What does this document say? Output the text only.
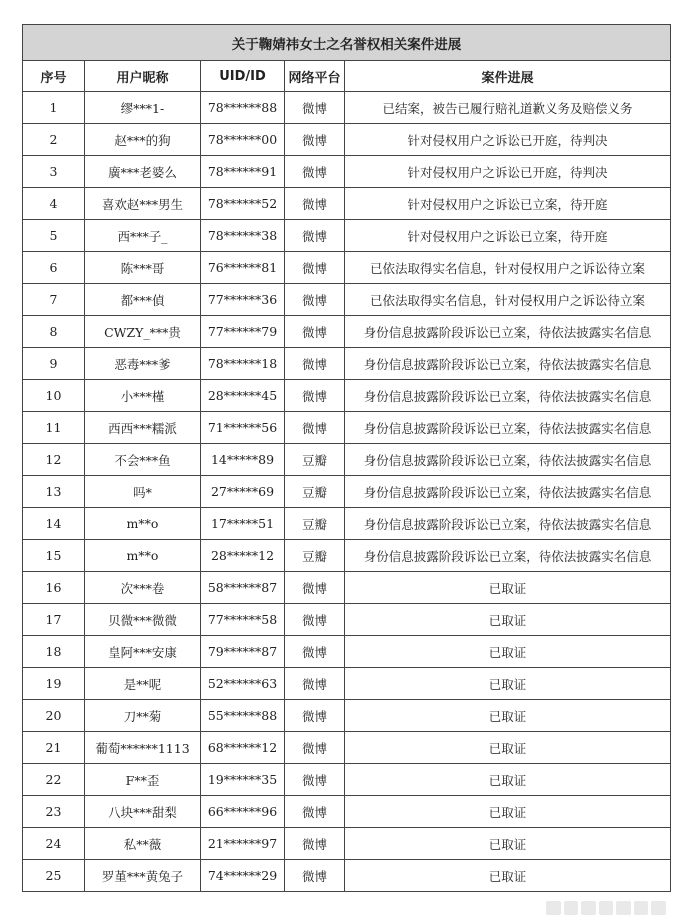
关于鞠婧祎女士之名誉权相关案件进展				
序号	用户昵称	UID/ID	网络平台	案件进展
1	缪***1-	78******88	微博	已结案，被告已履行赔礼道歉义务及赔偿义务
2	赵***的狗	78******00	微博	针对侵权用户之诉讼已开庭，待判决
3	廣***老婆么	78******91	微博	针对侵权用户之诉讼已开庭，待判决
4	喜欢赵***男生	78******52	微博	针对侵权用户之诉讼已立案，待开庭
5	西***子_	78******38	微博	针对侵权用户之诉讼已立案，待开庭
6	陈***哥	76******81	微博	已依法取得实名信息，针对侵权用户之诉讼待立案
7	都***偵	77******36	微博	已依法取得实名信息，针对侵权用户之诉讼待立案
8	CWZY_***贵	77******79	微博	身份信息披露阶段诉讼已立案，待依法披露实名信息
9	恶毒***爹	78******18	微博	身份信息披露阶段诉讼已立案，待依法披露实名信息
10	小***槿	28******45	微博	身份信息披露阶段诉讼已立案，待依法披露实名信息
11	西西***糯派	71******56	微博	身份信息披露阶段诉讼已立案，待依法披露实名信息
12	不会***鱼	14*****89	豆瓣	身份信息披露阶段诉讼已立案，待依法披露实名信息
13	吗*	27*****69	豆瓣	身份信息披露阶段诉讼已立案，待依法披露实名信息
14	m**o	17*****51	豆瓣	身份信息披露阶段诉讼已立案，待依法披露实名信息
15	m**o	28*****12	豆瓣	身份信息披露阶段诉讼已立案，待依法披露实名信息
16	次***卷	58******87	微博	已取证
17	贝微***微微	77******58	微博	已取证
18	皇阿***安康	79******87	微博	已取证
19	是**呢	52******63	微博	已取证
20	刀**菊	55******88	微博	已取证
21	葡萄******1113	68******12	微博	已取证
22	F**歪	19******35	微博	已取证
23	八块***甜梨	66******96	微博	已取证
24	私**薇	21******97	微博	已取证
25	罗堇***黄兔子	74******29	微博	已取证
